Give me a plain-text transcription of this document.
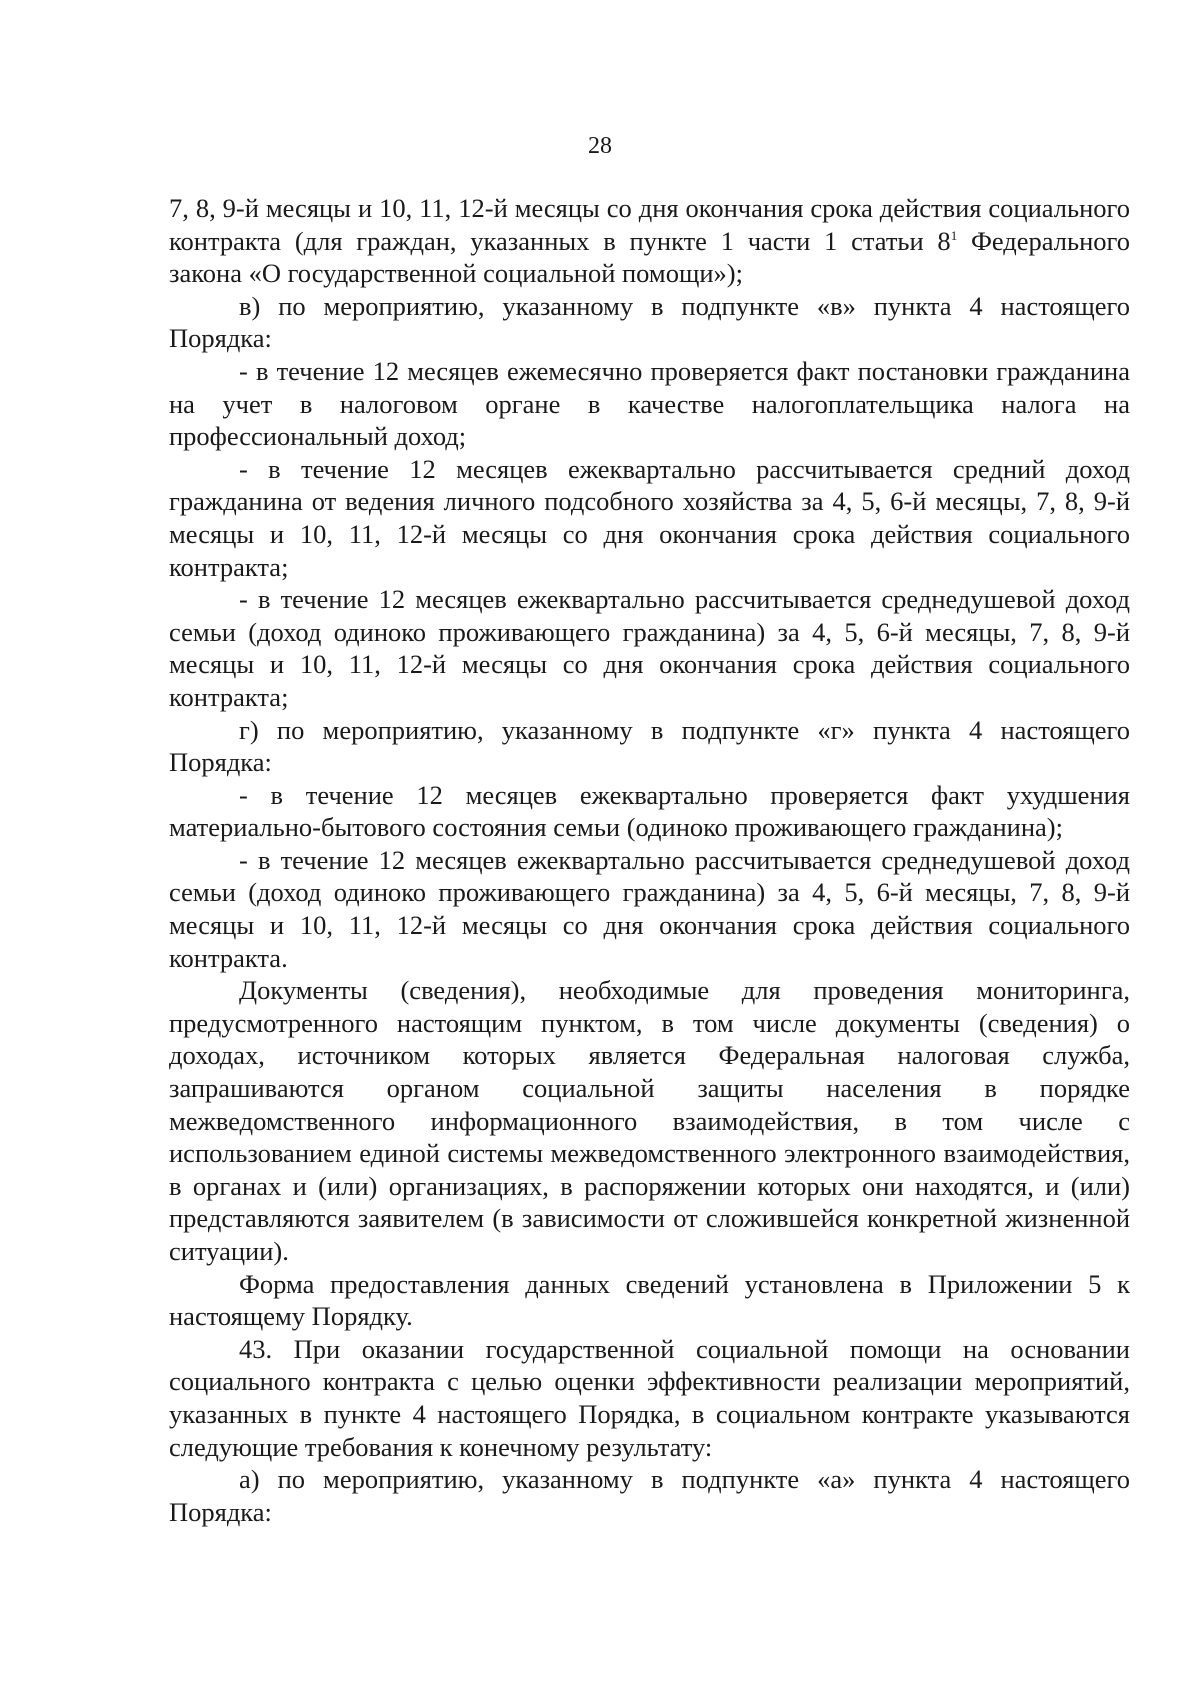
28

7, 8, 9-й месяцы и 10, 11, 12-й месяцы со дня окончания срока действия социального контракта (для граждан, указанных в пункте 1 части 1 статьи 8$^1$ Федерального закона «О государственной социальной помощи»);

в) по мероприятию, указанному в подпункте «в» пункта 4 настоящего Порядка:

- в течение 12 месяцев ежемесячно проверяется факт постановки гражданина на учет в налоговом органе в качестве налогоплательщика налога на профессиональный доход;

- в течение 12 месяцев ежеквартально рассчитывается средний доход гражданина от ведения личного подсобного хозяйства за 4, 5, 6-й месяцы, 7, 8, 9-й месяцы и 10, 11, 12-й месяцы со дня окончания срока действия социального контракта;

- в течение 12 месяцев ежеквартально рассчитывается среднедушевой доход семьи (доход одиноко проживающего гражданина) за 4, 5, 6-й месяцы, 7, 8, 9-й месяцы и 10, 11, 12-й месяцы со дня окончания срока действия социального контракта;

г) по мероприятию, указанному в подпункте «г» пункта 4 настоящего Порядка:

- в течение 12 месяцев ежеквартально проверяется факт ухудшения материально-бытового состояния семьи (одиноко проживающего гражданина);

- в течение 12 месяцев ежеквартально рассчитывается среднедушевой доход семьи (доход одиноко проживающего гражданина) за 4, 5, 6-й месяцы, 7, 8, 9-й месяцы и 10, 11, 12-й месяцы со дня окончания срока действия социального контракта.

Документы (сведения), необходимые для проведения мониторинга, предусмотренного настоящим пунктом, в том числе документы (сведения) о доходах, источником которых является Федеральная налоговая служба, запрашиваются органом социальной защиты населения в порядке межведомственного информационного взаимодействия, в том числе с использованием единой системы межведомственного электронного взаимодействия, в органах и (или) организациях, в распоряжении которых они находятся, и (или) представляются заявителем (в зависимости от сложившейся конкретной жизненной ситуации).

Форма предоставления данных сведений установлена в Приложении 5 к настоящему Порядку.

43. При оказании государственной социальной помощи на основании социального контракта с целью оценки эффективности реализации мероприятий, указанных в пункте 4 настоящего Порядка, в социальном контракте указываются следующие требования к конечному результату:

а) по мероприятию, указанному в подпункте «а» пункта 4 настоящего Порядка:
